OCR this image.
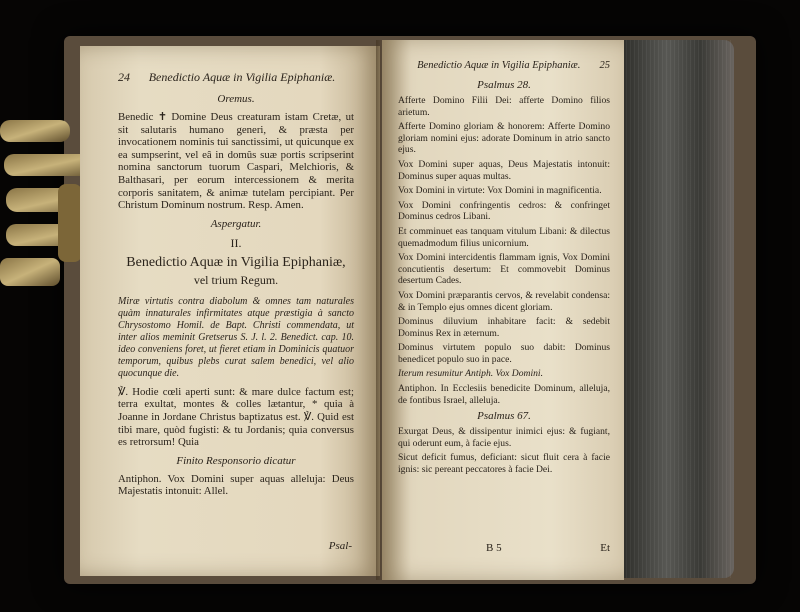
24 Benedictio Aquæ in Vigilia Epiphaniæ.
Oremus.

Benedic ✝ Domine Deus creaturam istam Cretæ, ut sit salutaris humano generi, & præsta per invocationem nominis tui sanctissimi, ut quicunque ex ea sumpserint, vel eâ in domûs suæ portis scripserint nomina sanctorum tuorum Caspari, Melchioris, & Balthasari, per eorum intercessionem & merita corporis sanitatem, & animæ tutelam percipiant. Per Christum Dominum nostrum. Resp. Amen.

Aspergatur.
II.
Benedictio Aquæ in Vigilia Epiphaniæ,
vel trium Regum.

Miræ virtutis contra diabolum & omnes tam naturales quàm innaturales infirmitates atque præstigia à sancto Chrysostomo Homil. de Bapt. Christi commendata, ut inter alios meminit Gretserus S. J. l. 2. Benedict. cap. 10. ideo conveniens foret, ut fieret etiam in Dominicis quatuor temporum, quibus plebs curat salem benedici, vel alio quocunque die.

℣. Hodie cœli aperti sunt: & mare dulce factum est; terra exultat, montes & colles lætantur, * quia à Joanne in Jordane Christus baptizatus est. ℣. Quid est tibi mare, quòd fugisti: & tu Jordanis; quia conversus es retrorsum! Quia

Finito Responsorio dicatur

Antiphon. Vox Domini super aquas alleluja: Deus Majestatis intonuit: Allel.

Psal-
Benedictio Aquæ in Vigilia Epiphaniæ. 25
Psalmus 28.

Afferte Domino Filii Dei: afferte Domino filios arietum.

Afferte Domino gloriam & honorem: Afferte Domino gloriam nomini ejus: adorate Dominum in atrio sancto ejus.

Vox Domini super aquas, Deus Majestatis intonuit: Dominus super aquas multas.

Vox Domini in virtute: Vox Domini in magnificentia.

Vox Domini confringentis cedros: & confringet Dominus cedros Libani.

Et comminuet eas tanquam vitulum Libani: & dilectus quemadmodum filius unicornium.

Vox Domini intercidentis flammam ignis, Vox Domini concutientis desertum: Et commovebit Dominus desertum Cades.

Vox Domini præparantis cervos, & revelabit condensa: & in Templo ejus omnes dicent gloriam.

Dominus diluvium inhabitare facit: & sedebit Dominus Rex in æternum.

Dominus virtutem populo suo dabit: Dominus benedicet populo suo in pace.

Iterum resumitur Antiph. Vox Domini.

Antiphon. In Ecclesiis benedicite Dominum, alleluja, de fontibus Israel, alleluja.

Psalmus 67.

Exurgat Deus, & dissipentur inimici ejus: & fugiant, qui oderunt eum, à facie ejus.

Sicut deficit fumus, deficiant: sicut fluit cera à facie ignis: sic pereant peccatores à facie Dei.

B 5	Et
